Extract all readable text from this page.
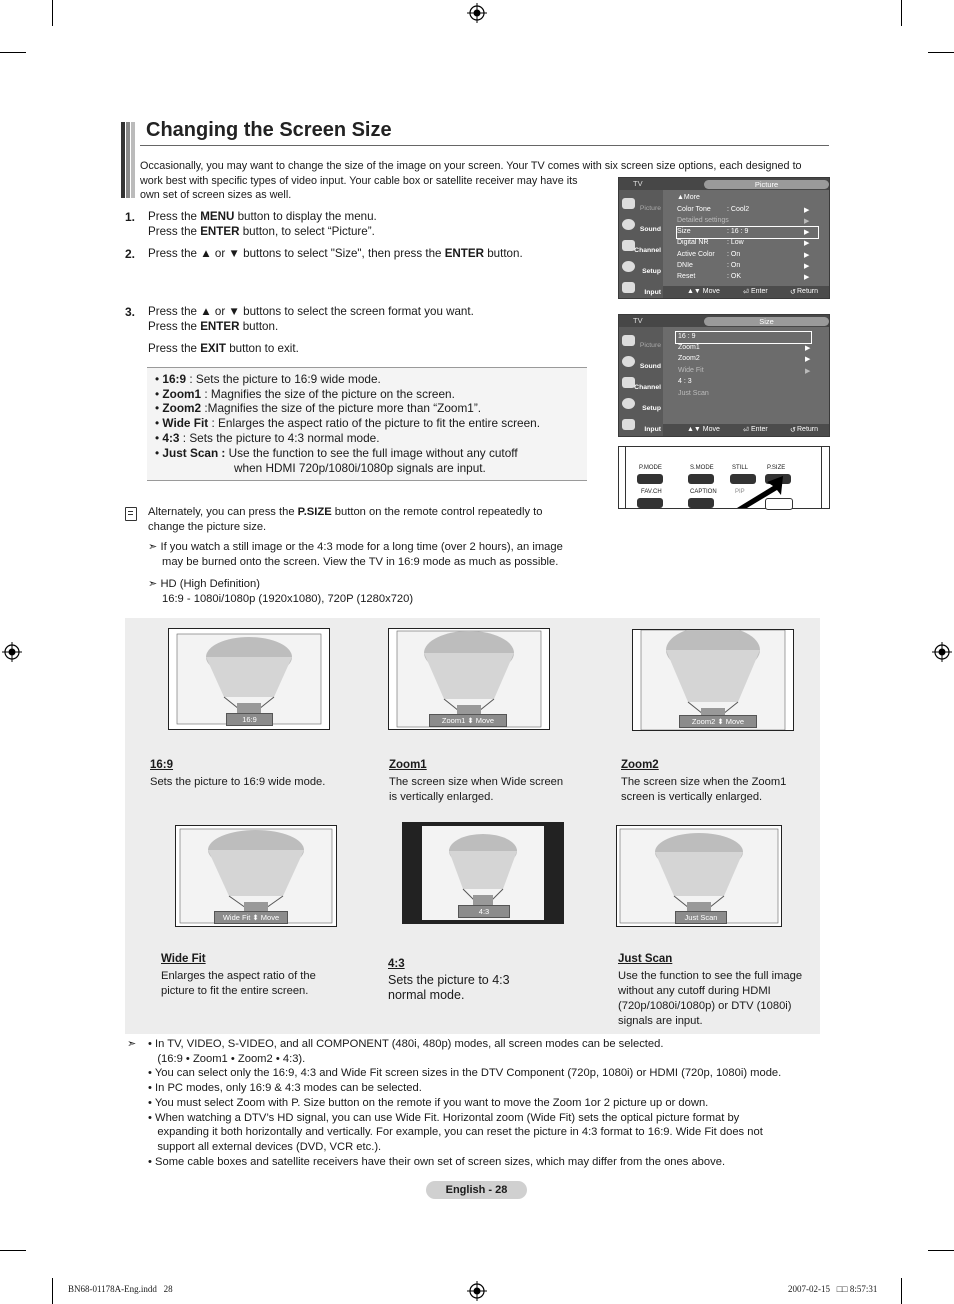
Changing the Screen Size
Occasionally, you may want to change the size of the image on your screen. Your TV comes with six screen size options, each designed to
work best with specific types of video input. Your cable box or satellite receiver may have its
own set of screen sizes as well.
1. Press the MENU button to display the menu.
Press the ENTER button, to select “Picture”.
2. Press the ▲ or ▼ buttons to select "Size", then press the ENTER button.
3. Press the ▲ or ▼ buttons to select the screen format you want.
Press the ENTER button.
Press the EXIT button to exit.
• 16:9 : Sets the picture to 16:9 wide mode.
• Zoom1 : Magnifies the size of the picture on the screen.
• Zoom2 :Magnifies the size of the picture more than “Zoom1”.
• Wide Fit : Enlarges the aspect ratio of the picture to fit the entire screen.
• 4:3 : Sets the picture to 4:3 normal mode.
• Just Scan : Use the function to see the full image without any cutoff
when HDMI 720p/1080i/1080p signals are input.
Alternately, you can press the P.SIZE button on the remote control repeatedly to
change the picture size.
➣ If you watch a still image or the 4:3 mode for a long time (over 2 hours), an image
may be burned onto the screen. View the TV in 16:9 mode as much as possible.
➣ HD (High Definition)
16:9 - 1080i/1080p (1920x1080), 720P (1280x720)
TV	Picture
Picture
Sound
Channel
Setup
Input
▲More
Color Tone : Cool2	▶
Detailed settings	▶
Size	: 16 : 9	▶
Digital NR	: Low	▶
Active Color : On	▶
DNIe	: On	▶
Reset	: OK	▶
▲▼ Move	⏎ Enter	↺ Return
TV	Size
Picture
Sound
Channel
Setup
Input
16 : 9
Zoom1	▶
Zoom2	▶
Wide Fit	▶
4 : 3
Just Scan
▲▼ Move	⏎ Enter	↺ Return
P.MODE	S.MODE	STILL	P.SIZE
FAV.CH	CAPTION	PIP
16:9	Zoom1 ⬍ Move	Zoom2 ⬍ Move
Wide Fit ⬍ Move
4:3
Just Scan
16:9
Sets the picture to 16:9 wide mode.
Zoom1
The screen size when Wide screen
is vertically enlarged.
Zoom2
The screen size when the Zoom1
screen is vertically enlarged.
Wide Fit
Enlarges the aspect ratio of the
picture to fit the entire screen.
4:3
Sets the picture to 4:3
normal mode.
Just Scan
Use the function to see the full image
without any cutoff during HDMI
(720p/1080i/1080p) or DTV (1080i)
signals are input.
➣ • In TV, VIDEO, S-VIDEO, and all COMPONENT (480i, 480p) modes, all screen modes can be selected.
(16:9 • Zoom1 • Zoom2 • 4:3).
• You can select only the 16:9, 4:3 and Wide Fit screen sizes in the DTV Component (720p, 1080i) or HDMI (720p, 1080i) mode.
• In PC modes, only 16:9 & 4:3 modes can be selected.
• You must select Zoom with P. Size button on the remote if you want to move the Zoom 1or 2 picture up or down.
• When watching a DTV’s HD signal, you can use Wide Fit. Horizontal zoom (Wide Fit) sets the optical picture format by
expanding it both horizontally and vertically. For example, you can reset the picture in 4:3 format to 16:9. Wide Fit does not
support all external devices (DVD, VCR etc.).
• Some cable boxes and satellite receivers have their own set of screen sizes, which may differ from the ones above.
English - 28
BN68-01178A-Eng.indd   28	2007-02-15   □□ 8:57:31
